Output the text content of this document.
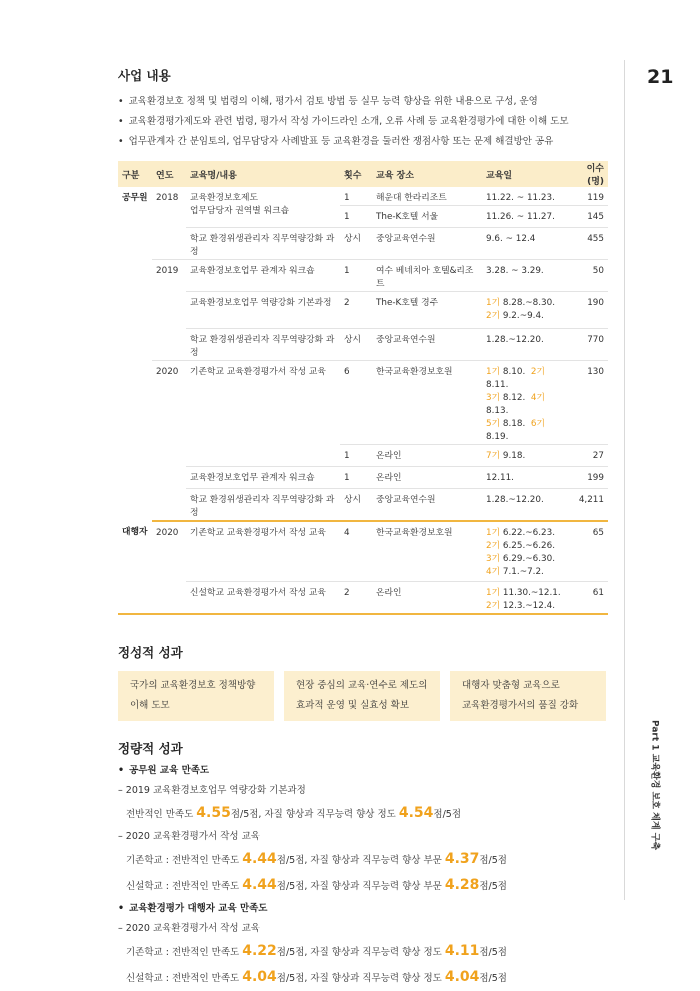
21
Part 1 교육환경 보호 체계 구축
사업 내용
• 교육환경보호 정책 및 법령의 이해, 평가서 검토 방법 등 실무 능력 향상을 위한 내용으로 구성, 운영
• 교육환경평가제도와 관련 법령, 평가서 작성 가이드라인 소개, 오류 사례 등 교육환경평가에 대한 이해 도모
• 업무관계자 간 분임토의, 업무담당자 사례발표 등 교육환경을 둘러싼 쟁점사항 또는 문제 해결방안 공유
구분	연도	교육명/내용	횟수	교육 장소	교육일	이수(명)
공무원	2018	교육환경보호제도
업무담당자 권역별 워크숍	1	해운대 한라리조트	11.22. ~ 11.23.	119
			1	The-K호텔 서울	11.26. ~ 11.27.	145
		학교 환경위생관리자 직무역량강화 과정	상시	중앙교육연수원	9.6. ~ 12.4	455
	2019	교육환경보호업무 관계자 워크숍	1	여수 베네치아 호텔&리조트	3.28. ~ 3.29.	50
		교육환경보호업무 역량강화 기본과정	2	The-K호텔 경주	1기 8.28.~8.30.
2기 9.2.~9.4.	190
		학교 환경위생관리자 직무역량강화 과정	상시	중앙교육연수원	1.28.~12.20.	770
	2020	기존학교 교육환경평가서 작성 교육	6	한국교육환경보호원	1기 8.10. 2기 8.11.
3기 8.12. 4기 8.13.
5기 8.18. 6기 8.19.	130
			1	온라인	7기 9.18.	27
		교육환경보호업무 관계자 워크숍	1	온라인	12.11.	199
		학교 환경위생관리자 직무역량강화 과정	상시	중앙교육연수원	1.28.~12.20.	4,211
대행자	2020	기존학교 교육환경평가서 작성 교육	4	한국교육환경보호원	1기 6.22.~6.23.
2기 6.25.~6.26.
3기 6.29.~6.30.
4기 7.1.~7.2.	65
		신설학교 교육환경평가서 작성 교육	2	온라인	1기 11.30.~12.1.
2기 12.3.~12.4.	61
정성적 성과
국가의 교육환경보호 정책방향
이해 도모
현장 중심의 교육·연수로 제도의
효과적 운영 및 실효성 확보
대행자 맞춤형 교육으로
교육환경평가서의 품질 강화
정량적 성과
• 공무원 교육 만족도
– 2019 교육환경보호업무 역량강화 기본과정
전반적인 만족도 4.55점/5점, 자질 향상과 직무능력 향상 정도 4.54점/5점
– 2020 교육환경평가서 작성 교육
기존학교 : 전반적인 만족도 4.44점/5점, 자질 향상과 직무능력 향상 부문 4.37점/5점
신설학교 : 전반적인 만족도 4.44점/5점, 자질 향상과 직무능력 향상 부문 4.28점/5점
• 교육환경평가 대행자 교육 만족도
– 2020 교육환경평가서 작성 교육
기존학교 : 전반적인 만족도 4.22점/5점, 자질 향상과 직무능력 향상 정도 4.11점/5점
신설학교 : 전반적인 만족도 4.04점/5점, 자질 향상과 직무능력 향상 정도 4.04점/5점
